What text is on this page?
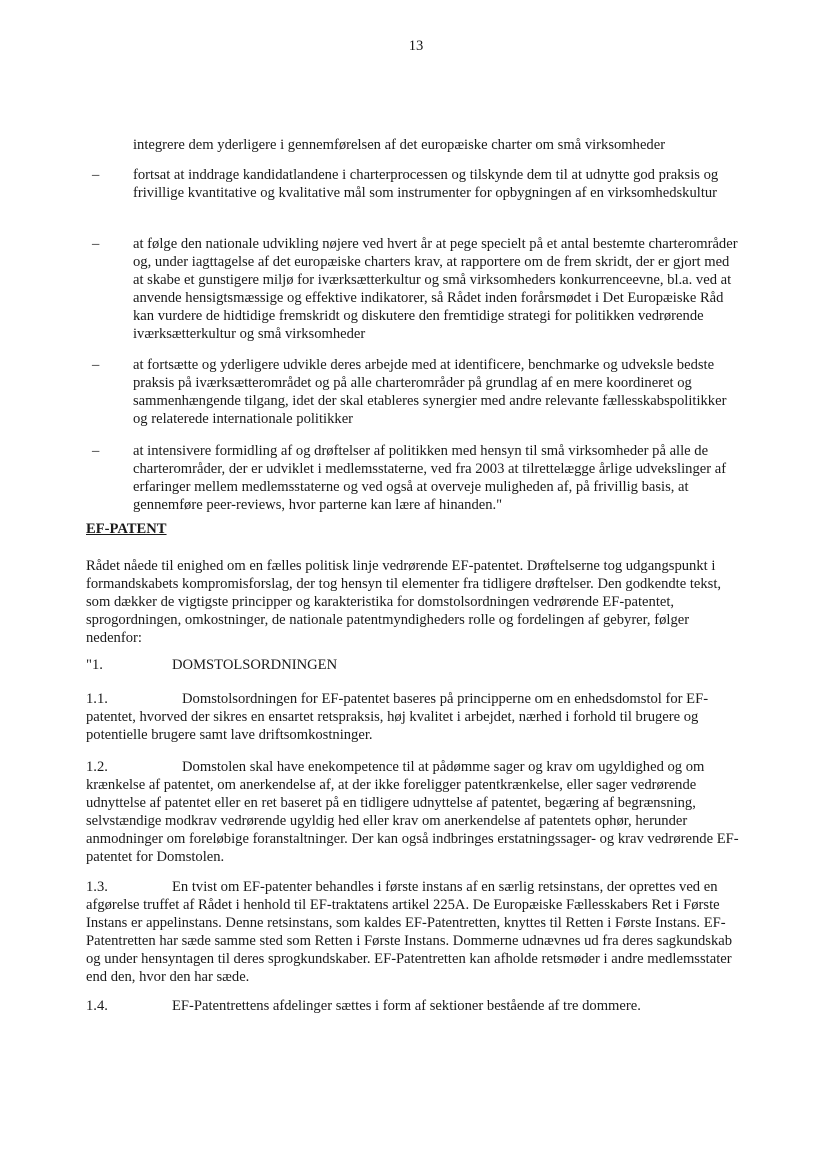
13
integrere dem yderligere i gennemførelsen af det europæiske charter om små virksomheder
–	fortsat at inddrage kandidatlandene i charterprocessen og tilskynde dem til at udnytte god praksis og frivillige kvantitative og kvalitative mål som instrumenter for opbygningen af en virksomhedskultur
–	at følge den nationale udvikling nøjere ved hvert år at pege specielt på et antal bestemte charterområder og, under iagttagelse af det europæiske charters krav, at rapportere om de frem skridt, der er gjort med at skabe et gunstigere miljø for iværksætterkultur og små virksomheders konkurrenceevne, bl.a. ved at anvende hensigtsmæssige og effektive indikatorer, så Rådet inden forårsmødet i Det Europæiske Råd kan vurdere de hidtidige fremskridt og diskutere den fremtidige strategi for politikken vedrørende iværksætterkultur og små virksomheder
–	at fortsætte og yderligere udvikle deres arbejde med at identificere, benchmarke og udveksle bedste praksis på iværksætterområdet og på alle charterområder på grundlag af en mere koordineret og sammenhængende tilgang, idet der skal etableres synergier med andre relevante fællesskabspolitikker og relaterede internationale politikker
–	at intensivere formidling af og drøftelser af politikken med hensyn til små virksomheder på alle de charterområder, der er udviklet i medlemsstaterne, ved fra 2003 at tilrettelægge årlige udvekslinger af erfaringer mellem medlemsstaterne og ved også at overveje muligheden af, på frivillig basis, at gennemføre peer-reviews, hvor parterne kan lære af hinanden."
EF-PATENT
Rådet nåede til enighed om en fælles politisk linje vedrørende EF-patentet. Drøftelserne tog udgangspunkt i formandskabets kompromisforslag, der tog hensyn til elementer fra tidligere drøftelser. Den godkendte tekst, som dækker de vigtigste principper og karakteristika for domstolsordningen vedrørende EF-patentet, sprogordningen, omkostninger, de nationale patentmyndigheders rolle og fordelingen af gebyrer, følger nedenfor:
"1.	DOMSTOLSORDNINGEN
1.1.	Domstolsordningen for EF-patentet baseres på principperne om en enhedsdomstol for EF-patentet, hvorved der sikres en ensartet retspraksis, høj kvalitet i arbejdet, nærhed i forhold til brugere og potentielle brugere samt lave driftsomkostninger.
1.2.	Domstolen skal have enekompetence til at pådømme sager og krav om ugyldighed og om krænkelse af patentet, om anerkendelse af, at der ikke foreligger patentkrænkelse, eller sager vedrørende udnyttelse af patentet eller en ret baseret på en tidligere udnyttelse af patentet, begæring af begrænsning, selvstændige modkrav vedrørende ugyldig hed eller krav om anerkendelse af patentets ophør, herunder anmodninger om foreløbige foranstaltninger. Der kan også indbringes erstatningssager- og krav vedrørende EF-patentet for Domstolen.
1.3.	En tvist om EF-patenter behandles i første instans af en særlig retsinstans, der oprettes ved en afgørelse truffet af Rådet i henhold til EF-traktatens artikel 225A. De Europæiske Fællesskabers Ret i Første Instans er appelinstans. Denne retsinstans, som kaldes EF-Patentretten, knyttes til Retten i Første Instans. EF-Patentretten har sæde samme sted som Retten i Første Instans. Dommerne udnævnes ud fra deres sagkundskab og under hensyntagen til deres sprogkundskaber. EF-Patentretten kan afholde retsmøder i andre medlemsstater end den, hvor den har sæde.
1.4.	EF-Patentrettens afdelinger sættes i form af sektioner bestående af tre dommere.
